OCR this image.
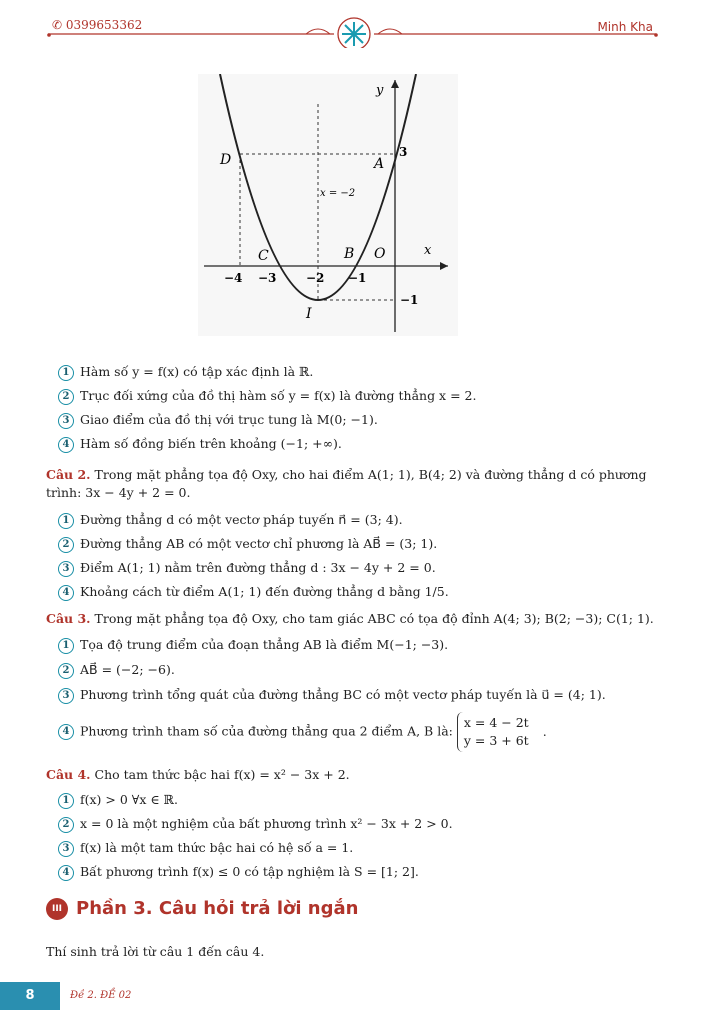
✆ 0399653362	Minh Kha
y
x
D	A
3
C	B O
I
x = −2
−4 −3 −2 −1
−1
1 Hàm số y = f(x) có tập xác định là ℝ.
2 Trục đối xứng của đồ thị hàm số y = f(x) là đường thẳng x = 2.
3 Giao điểm của đồ thị với trục tung là M(0; −1).
4 Hàm số đồng biến trên khoảng (−1; +∞).
Câu 2. Trong mặt phẳng tọa độ Oxy, cho hai điểm A(1; 1), B(4; 2) và đường thẳng d có phương trình: 3x − 4y + 2 = 0.
1 Đường thẳng d có một vectơ pháp tuyến n⃗ = (3; 4).
2 Đường thẳng AB có một vectơ chỉ phương là AB⃗ = (3; 1).
3 Điểm A(1; 1) nằm trên đường thẳng d : 3x − 4y + 2 = 0.
4 Khoảng cách từ điểm A(1; 1) đến đường thẳng d bằng 1/5.
Câu 3. Trong mặt phẳng tọa độ Oxy, cho tam giác ABC có tọa độ đỉnh A(4; 3); B(2; −3); C(1; 1).
1 Tọa độ trung điểm của đoạn thẳng AB là điểm M(−1; −3).
2 AB⃗ = (−2; −6).
3 Phương trình tổng quát của đường thẳng BC có một vectơ pháp tuyến là u⃗ = (4; 1).
4 Phương trình tham số của đường thẳng qua 2 điểm A, B là:x = 4 − 2t
y = 3 + 6t.
Câu 4. Cho tam thức bậc hai f(x) = x² − 3x + 2.
1 f(x) > 0 ∀x ∈ ℝ.
2 x = 0 là một nghiệm của bất phương trình x² − 3x + 2 > 0.
3 f(x) là một tam thức bậc hai có hệ số a = 1.
4 Bất phương trình f(x) ≤ 0 có tập nghiệm là S = [1; 2].
III Phần 3. Câu hỏi trả lời ngắn
Thí sinh trả lời từ câu 1 đến câu 4.
8	Đề 2. ĐỀ 02
